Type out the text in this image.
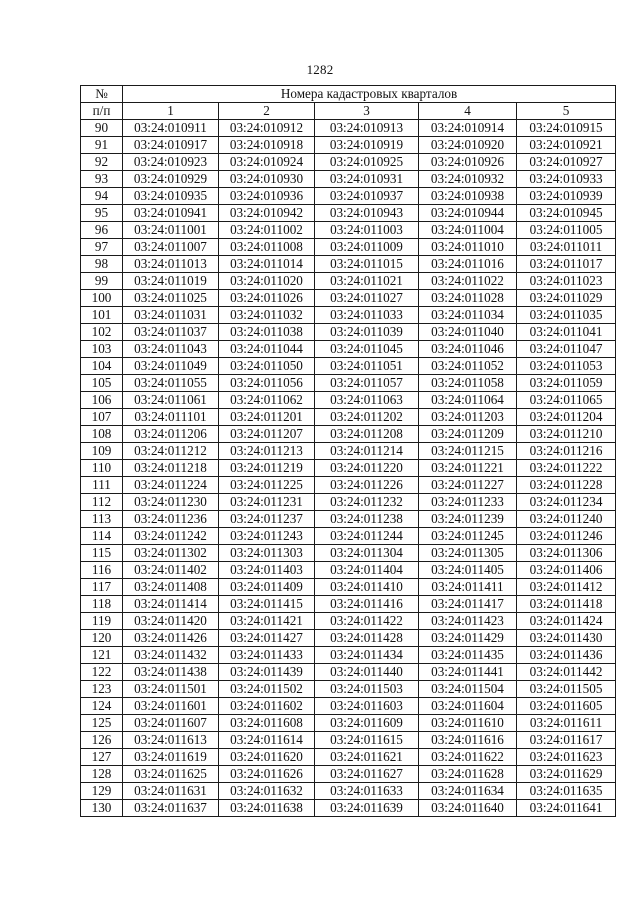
1282
№	Номера кадастровых кварталов				
п/п	1	2	3	4	5
90	03:24:010911	03:24:010912	03:24:010913	03:24:010914	03:24:010915
91	03:24:010917	03:24:010918	03:24:010919	03:24:010920	03:24:010921
92	03:24:010923	03:24:010924	03:24:010925	03:24:010926	03:24:010927
93	03:24:010929	03:24:010930	03:24:010931	03:24:010932	03:24:010933
94	03:24:010935	03:24:010936	03:24:010937	03:24:010938	03:24:010939
95	03:24:010941	03:24:010942	03:24:010943	03:24:010944	03:24:010945
96	03:24:011001	03:24:011002	03:24:011003	03:24:011004	03:24:011005
97	03:24:011007	03:24:011008	03:24:011009	03:24:011010	03:24:011011
98	03:24:011013	03:24:011014	03:24:011015	03:24:011016	03:24:011017
99	03:24:011019	03:24:011020	03:24:011021	03:24:011022	03:24:011023
100	03:24:011025	03:24:011026	03:24:011027	03:24:011028	03:24:011029
101	03:24:011031	03:24:011032	03:24:011033	03:24:011034	03:24:011035
102	03:24:011037	03:24:011038	03:24:011039	03:24:011040	03:24:011041
103	03:24:011043	03:24:011044	03:24:011045	03:24:011046	03:24:011047
104	03:24:011049	03:24:011050	03:24:011051	03:24:011052	03:24:011053
105	03:24:011055	03:24:011056	03:24:011057	03:24:011058	03:24:011059
106	03:24:011061	03:24:011062	03:24:011063	03:24:011064	03:24:011065
107	03:24:011101	03:24:011201	03:24:011202	03:24:011203	03:24:011204
108	03:24:011206	03:24:011207	03:24:011208	03:24:011209	03:24:011210
109	03:24:011212	03:24:011213	03:24:011214	03:24:011215	03:24:011216
110	03:24:011218	03:24:011219	03:24:011220	03:24:011221	03:24:011222
111	03:24:011224	03:24:011225	03:24:011226	03:24:011227	03:24:011228
112	03:24:011230	03:24:011231	03:24:011232	03:24:011233	03:24:011234
113	03:24:011236	03:24:011237	03:24:011238	03:24:011239	03:24:011240
114	03:24:011242	03:24:011243	03:24:011244	03:24:011245	03:24:011246
115	03:24:011302	03:24:011303	03:24:011304	03:24:011305	03:24:011306
116	03:24:011402	03:24:011403	03:24:011404	03:24:011405	03:24:011406
117	03:24:011408	03:24:011409	03:24:011410	03:24:011411	03:24:011412
118	03:24:011414	03:24:011415	03:24:011416	03:24:011417	03:24:011418
119	03:24:011420	03:24:011421	03:24:011422	03:24:011423	03:24:011424
120	03:24:011426	03:24:011427	03:24:011428	03:24:011429	03:24:011430
121	03:24:011432	03:24:011433	03:24:011434	03:24:011435	03:24:011436
122	03:24:011438	03:24:011439	03:24:011440	03:24:011441	03:24:011442
123	03:24:011501	03:24:011502	03:24:011503	03:24:011504	03:24:011505
124	03:24:011601	03:24:011602	03:24:011603	03:24:011604	03:24:011605
125	03:24:011607	03:24:011608	03:24:011609	03:24:011610	03:24:011611
126	03:24:011613	03:24:011614	03:24:011615	03:24:011616	03:24:011617
127	03:24:011619	03:24:011620	03:24:011621	03:24:011622	03:24:011623
128	03:24:011625	03:24:011626	03:24:011627	03:24:011628	03:24:011629
129	03:24:011631	03:24:011632	03:24:011633	03:24:011634	03:24:011635
130	03:24:011637	03:24:011638	03:24:011639	03:24:011640	03:24:011641
